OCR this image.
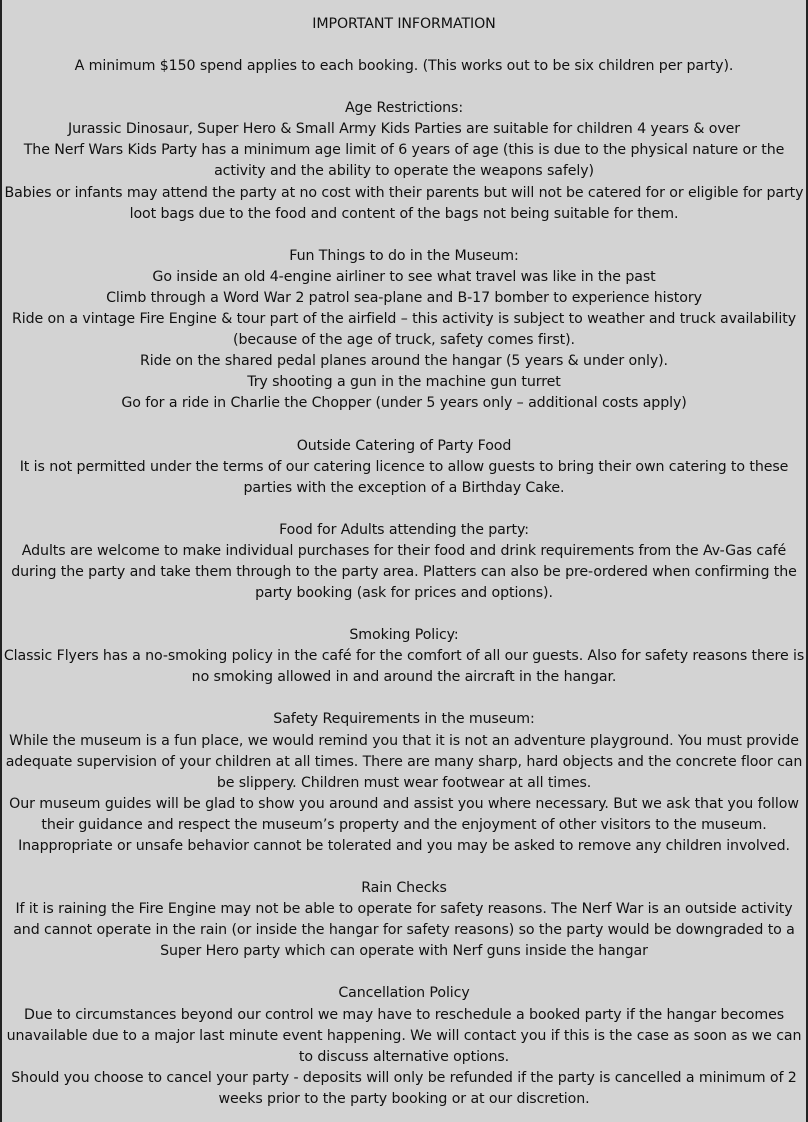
IMPORTANT INFORMATION

A minimum $150 spend applies to each booking. (This works out to be six children per party).

Age Restrictions:

Jurassic Dinosaur, Super Hero & Small Army Kids Parties are suitable for children 4 years & over

The Nerf Wars Kids Party has a minimum age limit of 6 years of age (this is due to the physical nature or the activity and the ability to operate the weapons safely)

Babies or infants may attend the party at no cost with their parents but will not be catered for or eligible for party loot bags due to the food and content of the bags not being suitable for them.

Fun Things to do in the Museum:

Go inside an old 4-engine airliner to see what travel was like in the past

Climb through a Word War 2 patrol sea-plane and B-17 bomber to experience history

Ride on a vintage Fire Engine & tour part of the airfield – this activity is subject to weather and truck availability (because of the age of truck, safety comes first).

Ride on the shared pedal planes around the hangar (5 years & under only).

Try shooting a gun in the machine gun turret

Go for a ride in Charlie the Chopper (under 5 years only – additional costs apply)

Outside Catering of Party Food

It is not permitted under the terms of our catering licence to allow guests to bring their own catering to these parties with the exception of a Birthday Cake.

Food for Adults attending the party:

Adults are welcome to make individual purchases for their food and drink requirements from the Av-Gas café during the party and take them through to the party area. Platters can also be pre-ordered when confirming the party booking (ask for prices and options).

Smoking Policy:

Classic Flyers has a no-smoking policy in the café for the comfort of all our guests. Also for safety reasons there is no smoking allowed in and around the aircraft in the hangar.

Safety Requirements in the museum:

While the museum is a fun place, we would remind you that it is not an adventure playground. You must provide adequate supervision of your children at all times. There are many sharp, hard objects and the concrete floor can be slippery. Children must wear footwear at all times.

Our museum guides will be glad to show you around and assist you where necessary. But we ask that you follow their guidance and respect the museum’s property and the enjoyment of other visitors to the museum. Inappropriate or unsafe behavior cannot be tolerated and you may be asked to remove any children involved.

Rain Checks

If it is raining the Fire Engine may not be able to operate for safety reasons. The Nerf War is an outside activity and cannot operate in the rain (or inside the hangar for safety reasons) so the party would be downgraded to a Super Hero party which can operate with Nerf guns inside the hangar

Cancellation Policy

Due to circumstances beyond our control we may have to reschedule a booked party if the hangar becomes unavailable due to a major last minute event happening. We will contact you if this is the case as soon as we can to discuss alternative options.

Should you choose to cancel your party - deposits will only be refunded if the party is cancelled a minimum of 2 weeks prior to the party booking or at our discretion.
